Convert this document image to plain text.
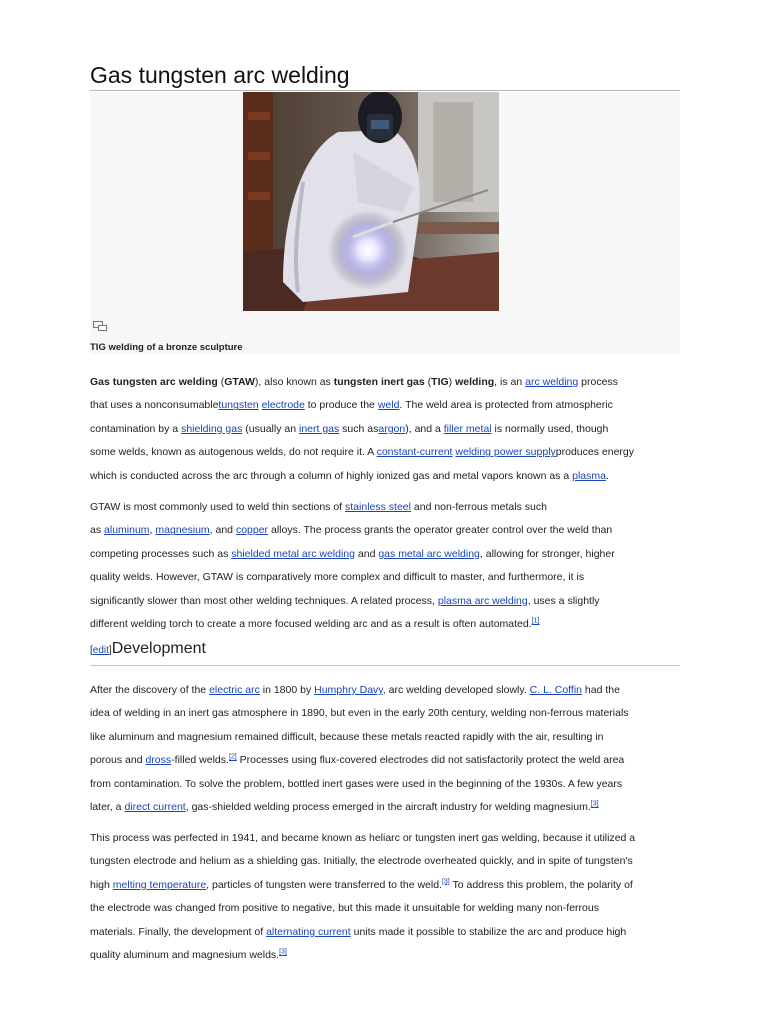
Gas tungsten arc welding
TIG welding of a bronze sculpture

Gas tungsten arc welding (GTAW), also known as tungsten inert gas (TIG) welding, is an arc welding process
that uses a nonconsumabletungsten electrode to produce the weld. The weld area is protected from atmospheric
contamination by a shielding gas (usually an inert gas such asargon), and a filler metal is normally used, though
some welds, known as autogenous welds, do not require it. A constant-current welding power supplyproduces energy
which is conducted across the arc through a column of highly ionized gas and metal vapors known as a plasma.

GTAW is most commonly used to weld thin sections of stainless steel and non-ferrous metals such
as aluminum, magnesium, and copper alloys. The process grants the operator greater control over the weld than
competing processes such as shielded metal arc welding and gas metal arc welding, allowing for stronger, higher
quality welds. However, GTAW is comparatively more complex and difficult to master, and furthermore, it is
significantly slower than most other welding techniques. A related process, plasma arc welding, uses a slightly
different welding torch to create a more focused welding arc and as a result is often automated.[1]

[edit]Development

After the discovery of the electric arc in 1800 by Humphry Davy, arc welding developed slowly. C. L. Coffin had the
idea of welding in an inert gas atmosphere in 1890, but even in the early 20th century, welding non-ferrous materials
like aluminum and magnesium remained difficult, because these metals reacted rapidly with the air, resulting in
porous and dross-filled welds.[2] Processes using flux-covered electrodes did not satisfactorily protect the weld area
from contamination. To solve the problem, bottled inert gases were used in the beginning of the 1930s. A few years
later, a direct current, gas-shielded welding process emerged in the aircraft industry for welding magnesium.[3]

This process was perfected in 1941, and became known as heliarc or tungsten inert gas welding, because it utilized a
tungsten electrode and helium as a shielding gas. Initially, the electrode overheated quickly, and in spite of tungsten's
high melting temperature, particles of tungsten were transferred to the weld.[3] To address this problem, the polarity of
the electrode was changed from positive to negative, but this made it unsuitable for welding many non-ferrous
materials. Finally, the development of alternating current units made it possible to stabilize the arc and produce high
quality aluminum and magnesium welds.[3]
